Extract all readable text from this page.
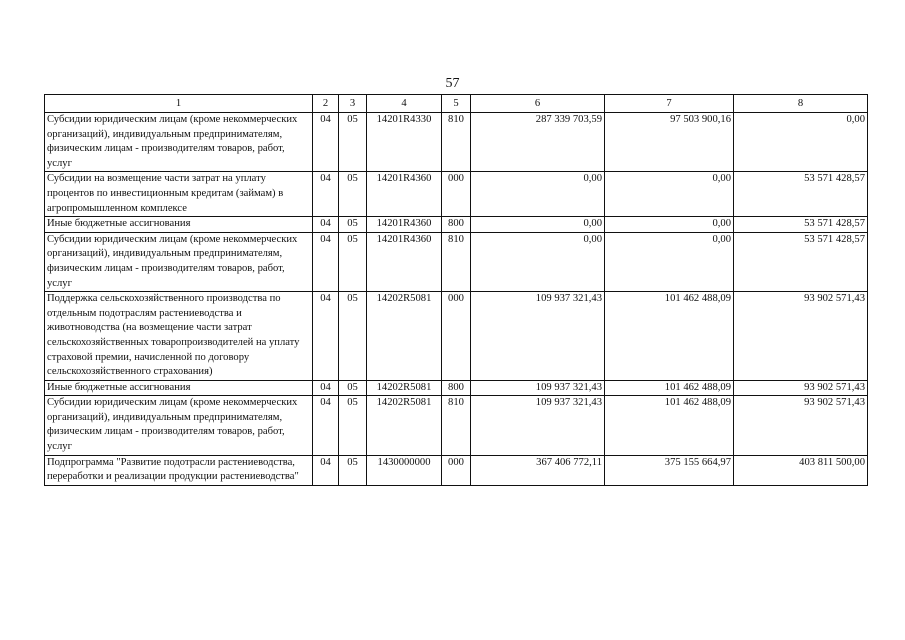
57
1	2	3	4	5	6	7	8
Субсидии юридическим лицам (кроме некоммерческих организаций), индивидуальным предпринимателям, физическим лицам - производителям товаров, работ, услуг	04	05	14201R4330	810	287 339 703,59	97 503 900,16	0,00
Субсидии на возмещение части затрат на уплату процентов по инвестиционным кредитам (займам) в агропромышленном комплексе	04	05	14201R4360	000	0,00	0,00	53 571 428,57
Иные бюджетные ассигнования	04	05	14201R4360	800	0,00	0,00	53 571 428,57
Субсидии юридическим лицам (кроме некоммерческих организаций), индивидуальным предпринимателям, физическим лицам - производителям товаров, работ, услуг	04	05	14201R4360	810	0,00	0,00	53 571 428,57
Поддержка сельскохозяйственного производства по отдельным подотраслям растениеводства и животноводства (на возмещение части затрат сельскохозяйственных товаропроизводителей на уплату страховой премии, начисленной по договору сельскохозяйственного страхования)	04	05	14202R5081	000	109 937 321,43	101 462 488,09	93 902 571,43
Иные бюджетные ассигнования	04	05	14202R5081	800	109 937 321,43	101 462 488,09	93 902 571,43
Субсидии юридическим лицам (кроме некоммерческих организаций), индивидуальным предпринимателям, физическим лицам - производителям товаров, работ, услуг	04	05	14202R5081	810	109 937 321,43	101 462 488,09	93 902 571,43
Подпрограмма "Развитие подотрасли растениеводства, переработки и реализации продукции растениеводства"	04	05	1430000000	000	367 406 772,11	375 155 664,97	403 811 500,00
